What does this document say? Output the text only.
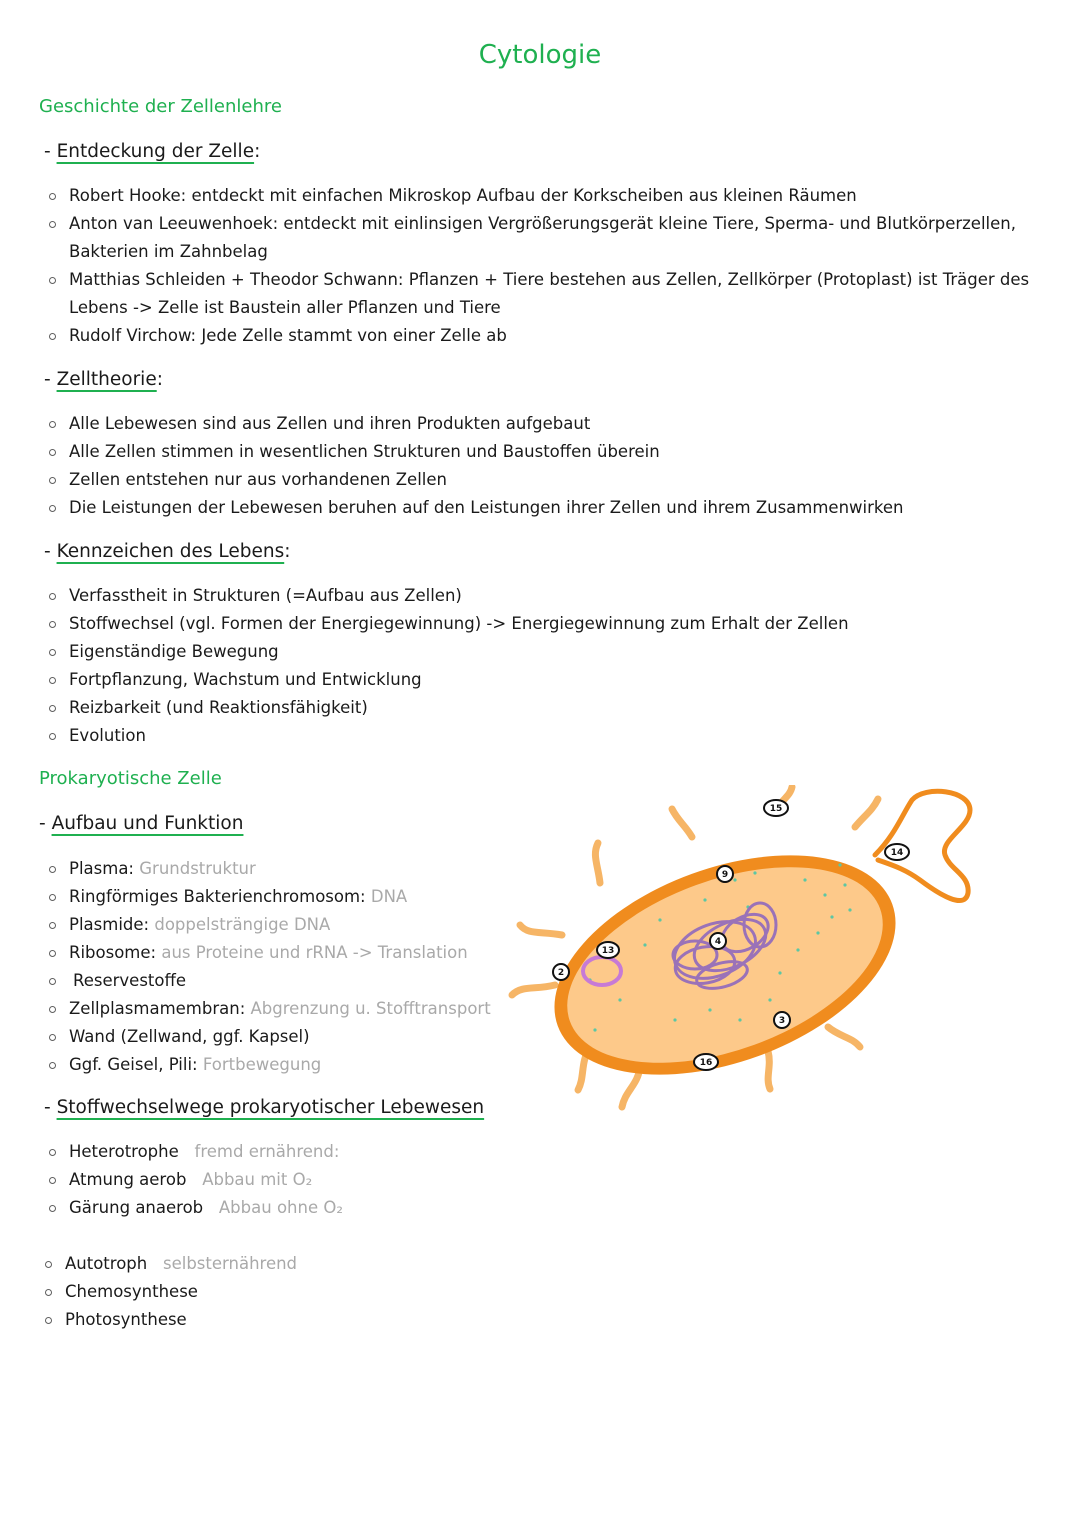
Cytologie
Geschichte der Zellenlehre
- Entdeckung der Zelle:
Robert Hooke: entdeckt mit einfachen Mikroskop Aufbau der Korkscheiben aus kleinen Räumen
Anton van Leeuwenhoek: entdeckt mit einlinsigen Vergrößerungsgerät kleine Tiere, Sperma- und Blutkörperzellen, Bakterien im Zahnbelag
Matthias Schleiden + Theodor Schwann: Pflanzen + Tiere bestehen aus Zellen, Zellkörper (Protoplast) ist Träger des Lebens -> Zelle ist Baustein aller Pflanzen und Tiere
Rudolf Virchow: Jede Zelle stammt von einer Zelle ab
- Zelltheorie:
Alle Lebewesen sind aus Zellen und ihren Produkten aufgebaut
Alle Zellen stimmen in wesentlichen Strukturen und Baustoffen überein
Zellen entstehen nur aus vorhandenen Zellen
Die Leistungen der Lebewesen beruhen auf den Leistungen ihrer Zellen und ihrem Zusammenwirken
- Kennzeichen des Lebens:
Verfasstheit in Strukturen (=Aufbau aus Zellen)
Stoffwechsel (vgl. Formen der Energiegewinnung) -> Energiegewinnung zum Erhalt der Zellen
Eigenständige Bewegung
Fortpflanzung, Wachstum und Entwicklung
Reizbarkeit (und Reaktionsfähigkeit)
Evolution
Prokaryotische Zelle
- Aufbau und Funktion
Plasma: Grundstruktur
Ringförmiges Bakterienchromosom: DNA
Plasmide: doppelsträngige DNA
Ribosome: aus Proteine und rRNA -> Translation
Reservestoffe
Zellplasmamembran: Abgrenzung u. Stofftransport
Wand (Zellwand, ggf. Kapsel)
Ggf. Geisel, Pili: Fortbewegung
- Stoffwechselwege prokaryotischer Lebewesen
Heterotrophe fremd ernährend:
Atmung aerob Abbau mit O₂
Gärung anaerob Abbau ohne O₂
Autotroph selbsternährend
Chemosynthese
Photosynthese
15
14
9
13
4
2
3
16
